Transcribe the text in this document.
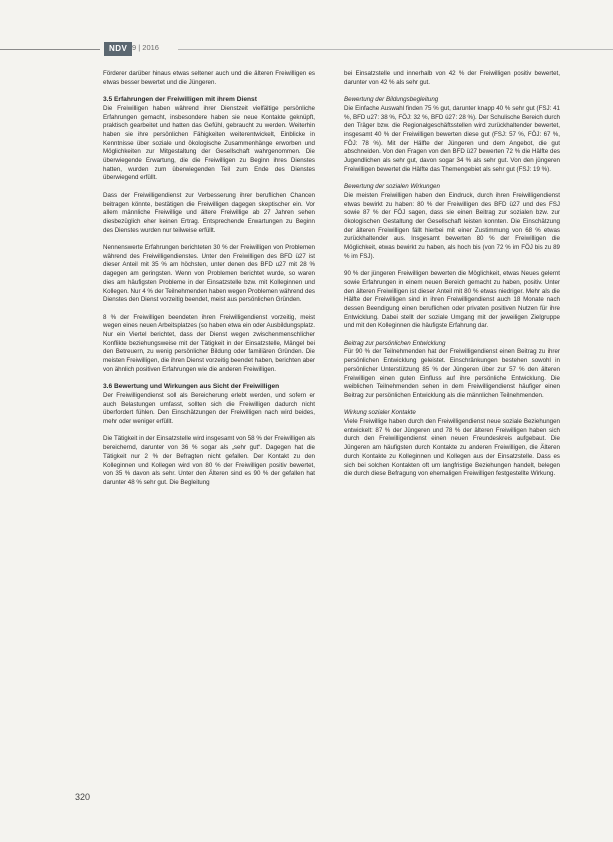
NDV 9 | 2016

Förderer darüber hinaus etwas seltener auch und die älteren Freiwilligen es etwas besser bewertet und die Jüngeren.

3.5 Erfahrungen der Freiwilligen mit ihrem Dienst

Die Freiwilligen haben während ihrer Dienstzeit vielfältige persönliche Erfahrungen gemacht, insbesondere haben sie neue Kontakte geknüpft, praktisch gearbeitet und hatten das Gefühl, gebraucht zu werden. Weiterhin haben sie ihre persönlichen Fähigkeiten weiterentwickelt, Einblicke in Kenntnisse über soziale und ökologische Zusammenhänge erworben und Möglichkeiten zur Mitgestaltung der Gesellschaft wahrgenommen. Die überwiegende Erwartung, die die Freiwilligen zu Beginn ihres Dienstes hatten, wurden zum überwiegenden Teil zum Ende des Dienstes überwiegend erfüllt.

Dass der Freiwilligendienst zur Verbesserung ihrer beruflichen Chancen beitragen könnte, bestätigen die Freiwilligen dagegen skeptischer ein. Vor allem männliche Freiwillige und ältere Freiwillige ab 27 Jahren sehen diesbezüglich eher keinen Ertrag. Entsprechende Erwartungen zu Beginn des Dienstes wurden nur teilweise erfüllt.

Nennenswerte Erfahrungen berichteten 30 % der Freiwilligen von Problemen während des Freiwilligendienstes. Unter den Freiwilligen des BFD ü27 ist dieser Anteil mit 35 % am höchsten, unter denen des BFD u27 mit 28 % dagegen am geringsten. Wenn von Problemen berichtet wurde, so waren dies am häufigsten Probleme in der Einsatzstelle bzw. mit Kolleginnen und Kollegen. Nur 4 % der Teilnehmenden haben wegen Problemen während des Dienstes den Dienst vorzeitig beendet, meist aus persönlichen Gründen.

8 % der Freiwilligen beendeten ihren Freiwilligendienst vorzeitig, meist wegen eines neuen Arbeitsplatzes (so haben etwa ein oder Ausbildungsplatz. Nur ein Viertel berichtet, dass der Dienst wegen zwischenmenschlicher Konflikte beziehungsweise mit der Tätigkeit in der Einsatzstelle, Mängel bei den Betreuern, zu wenig persönlicher Bildung oder familiären Gründen. Die meisten Freiwilligen, die ihren Dienst vorzeitig beendet haben, berichten aber von ähnlich positiven Erfahrungen wie die anderen Freiwilligen.

3.6 Bewertung und Wirkungen aus Sicht der Freiwilligen

Der Freiwilligendienst soll als Bereicherung erlebt werden, und sofern er auch Belastungen umfasst, sollten sich die Freiwilligen dadurch nicht überfordert fühlen. Den Einschätzungen der Freiwilligen nach wird beides, mehr oder weniger erfüllt.

Die Tätigkeit in der Einsatzstelle wird insgesamt von 58 % der Freiwilligen als bereichernd, darunter von 36 % sogar als „sehr gut“. Dagegen hat die Tätigkeit nur 2 % der Befragten nicht gefallen. Der Kontakt zu den Kolleginnen und Kollegen wird von 80 % der Freiwilligen positiv bewertet, von 35 % davon als sehr. Unter den Älteren sind es 90 % der gefallen hat darunter 48 % sehr gut. Die Begleitung

bei Einsatzstelle und innerhalb von 42 % der Freiwilligen positiv bewertet, darunter von 42 % als sehr gut.

Bewertung der Bildungsbegleitung

Die Einfache Auswahl finden 75 % gut, darunter knapp 40 % sehr gut (FSJ: 41 %, BFD u27: 38 %, FÖJ: 32 %, BFD ü27: 28 %). Der Schulische Bereich durch den Träger bzw. die Regionalgeschäftsstellen wird zurückhaltender bewertet, insgesamt 40 % der Freiwilligen bewerten diese gut (FSJ: 57 %, FÖJ: 67 %, FÖJ: 78 %). Mit der Hälfte der Jüngeren und dem Angebot, die gut abschneiden. Von den Fragen von den BFD ü27 bewerten 72 % die Hälfte des Jugendlichen als sehr gut, davon sogar 34 % als sehr gut. Von den jüngeren Freiwilligen bewertet die Hälfte das Themengebiet als sehr gut (FSJ: 19 %).

Bewertung der sozialen Wirkungen

Die meisten Freiwilligen haben den Eindruck, durch ihren Freiwilligendienst etwas bewirkt zu haben: 80 % der Freiwilligen des BFD ü27 und des FSJ sowie 87 % der FÖJ sagen, dass sie einen Beitrag zur sozialen bzw. zur ökologischen Gestaltung der Gesellschaft leisten konnten. Die Einschätzung der älteren Freiwilligen fällt hierbei mit einer Zustimmung von 68 % etwas zurückhaltender aus. Insgesamt bewerten 80 % der Freiwilligen die Möglichkeit, etwas bewirkt zu haben, als hoch bis (von 72 % im FÖJ bis zu 89 % im FSJ).

90 % der jüngeren Freiwilligen bewerten die Möglichkeit, etwas Neues gelernt sowie Erfahrungen in einem neuen Bereich gemacht zu haben, positiv. Unter den älteren Freiwilligen ist dieser Anteil mit 80 % etwas niedriger. Mehr als die Hälfte der Freiwilligen sind in ihren Freiwilligendienst auch 18 Monate nach dessen Beendigung einen beruflichen oder privaten positiven Nutzen für ihre Entwicklung. Dabei stellt der soziale Umgang mit der jeweiligen Zielgruppe und mit den Kolleginnen die häufigste Erfahrung dar.

Beitrag zur persönlichen Entwicklung

Für 90 % der Teilnehmenden hat der Freiwilligendienst einen Beitrag zu ihrer persönlichen Entwicklung geleistet. Einschränkungen bestehen sowohl in persönlicher Unterstützung 85 % der Jüngeren über zur 57 % den älteren Freiwilligen einen guten Einfluss auf ihre persönliche Entwicklung. Die weiblichen Teilnehmenden sehen in dem Freiwilligendienst häufiger einen Beitrag zur persönlichen Entwicklung als die männlichen Teilnehmenden.

Wirkung sozialer Kontakte

Viele Freiwillige haben durch den Freiwilligendienst neue soziale Beziehungen entwickelt: 87 % der Jüngeren und 78 % der älteren Freiwilligen haben sich durch den Freiwilligendienst einen neuen Freundeskreis aufgebaut. Die Jüngeren am häufigsten durch Kontakte zu anderen Freiwilligen, die Älteren durch Kontakte zu Kolleginnen und Kollegen aus der Einsatzstelle. Dass es sich bei solchen Kontakten oft um langfristige Beziehungen handelt, belegen die durch diese Befragung von ehemaligen Freiwilligen festgestellte Wirkung.

320
